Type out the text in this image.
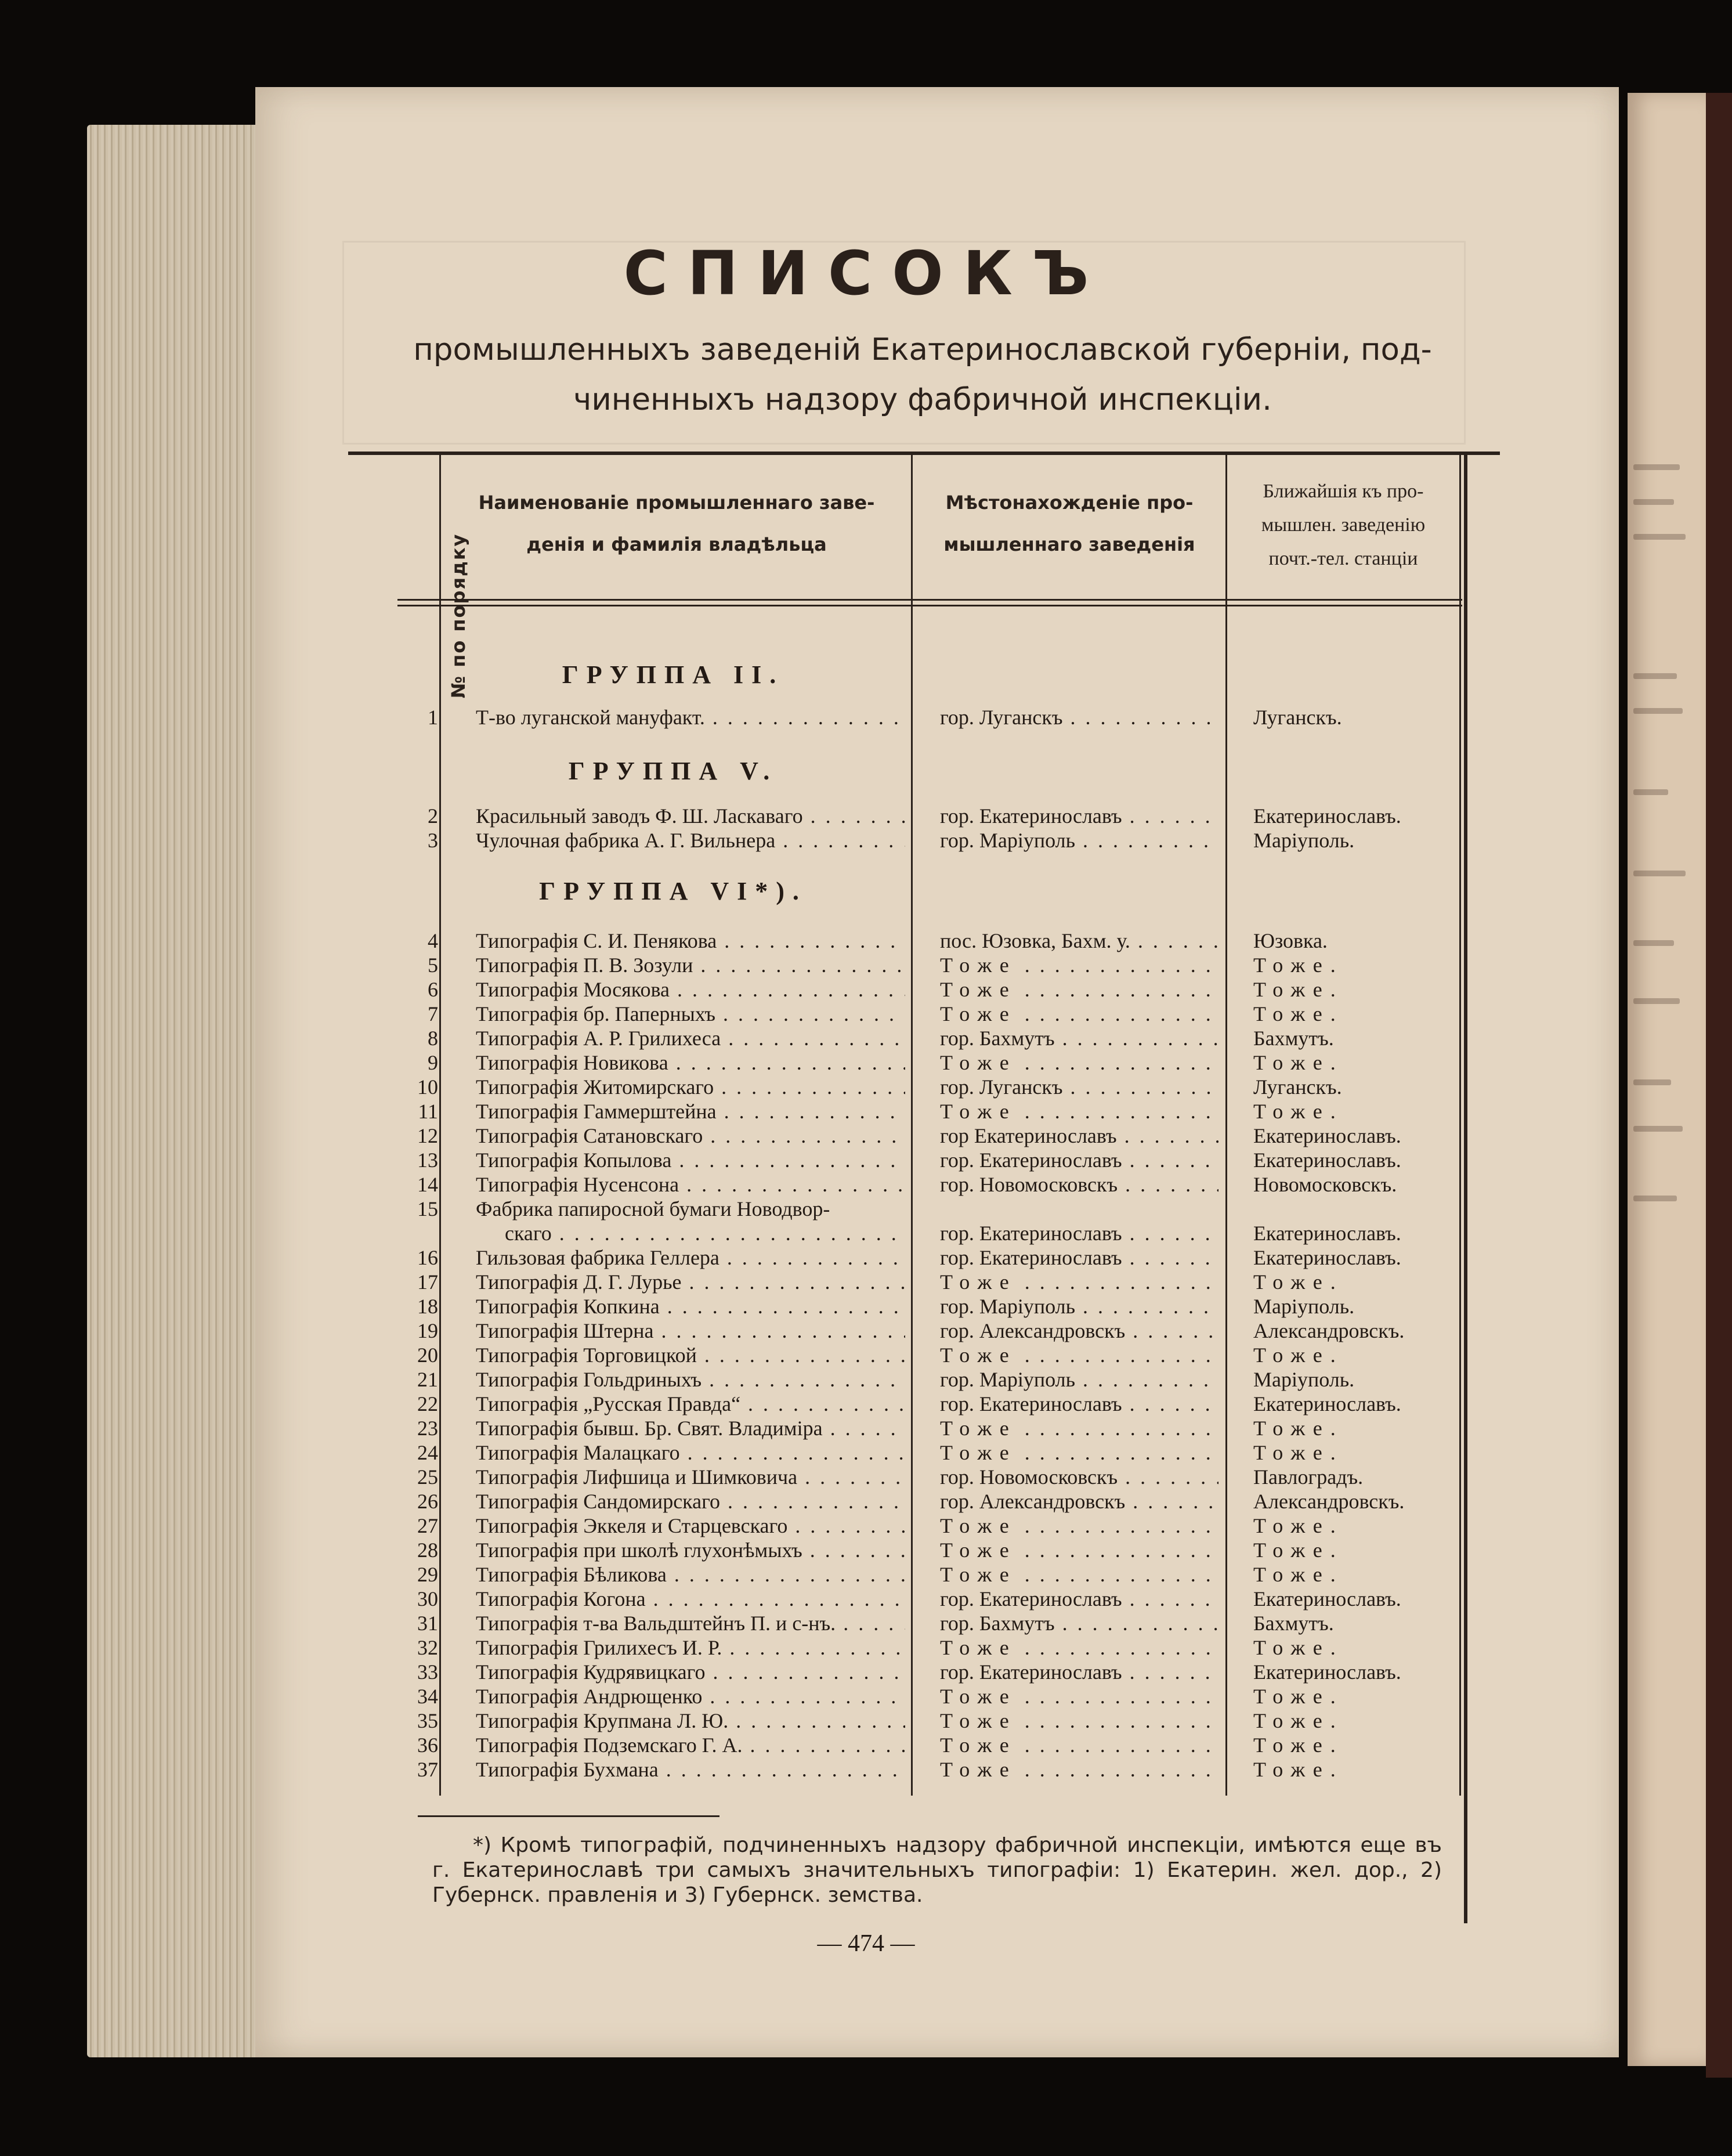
СПИСОКЪ
промышленныхъ заведеній Екатеринославской губерніи, под-
чиненныхъ надзору фабричной инспекціи.
№ по порядку
Наименованіе промышленнаго заве-
денія и фамилія владѣльца
Мѣстонахожденіе про-
мышленнаго заведенія
Ближайшія къ про-
мышлен. заведенію
почт.-тел. станціи
ГРУППА II.
ГРУППА V.
ГРУППА VI*).
1 Т-во луганской мануфакт. . . .	гор. Луганскъ . . .	Луганскъ.
2 Красильный заводъ Ф. Ш. Ласкаваго . . .	гор. Екатеринославъ . . .	Екатеринославъ.
3 Чулочная фабрика А. Г. Вильнера . . .	гор. Маріуполь . . .	Маріуполь.
4 Типографія С. И. Пенякова . . .	пос. Юзовка, Бахм. у. . . .	Юзовка.
5 Типографія П. В. Зозули . . .	Тоже . . .	Тоже.
6 Типографія Мосякова . . .	Тоже . . .	Тоже.
7 Типографія бр. Паперныхъ . . .	Тоже . . .	Тоже.
8 Типографія А. Р. Грилихеса . . .	гор. Бахмутъ . . .	Бахмутъ.
9 Типографія Новикова . . .	Тоже . . .	Тоже.
10 Типографія Житомирскаго . . .	гор. Луганскъ . . .	Луганскъ.
11 Типографія Гаммерштейна . . .	Тоже . . .	Тоже.
12 Типографія Сатановскаго . . .	гор Екатеринославъ . . .	Екатеринославъ.
13 Типографія Копылова . . .	гор. Екатеринославъ . . .	Екатеринославъ.
14 Типографія Нусенсона . . .	гор. Новомосковскъ . . .	Новомосковскъ.
15 Фабрика папиросной бумаги Новодвор-
скаго . . .	гор. Екатеринославъ . . .	Екатеринославъ.
16 Гильзовая фабрика Геллера . . .	гор. Екатеринославъ . . .	Екатеринославъ.
17 Типографія Д. Г. Лурье . . .	Тоже . . .	Тоже.
18 Типографія Копкина . . .	гор. Маріуполь . . .	Маріуполь.
19 Типографія Штерна . . .	гор. Александровскъ . . .	Александровскъ.
20 Типографія Торговицкой . . .	Тоже . . .	Тоже.
21 Типографія Гольдриныхъ . . .	гор. Маріуполь . . .	Маріуполь.
22 Типографія „Русская Правда“ . . .	гор. Екатеринославъ . . .	Екатеринославъ.
23 Типографія бывш. Бр. Свят. Владиміра . . .	Тоже . . .	Тоже.
24 Типографія Малацкаго . . .	Тоже . . .	Тоже.
25 Типографія Лифшица и Шимковича . . .	гор. Новомосковскъ . . .	Павлоградъ.
26 Типографія Сандомирскаго . . .	гор. Александровскъ . . .	Александровскъ.
27 Типографія Эккеля и Старцевскаго . . .	Тоже . . .	Тоже.
28 Типографія при школѣ глухонѣмыхъ . . .	Тоже . . .	Тоже.
29 Типографія Бѣликова . . .	Тоже . . .	Тоже.
30 Типографія Когона . . .	гор. Екатеринославъ . . .	Екатеринославъ.
31 Типографія т-ва Вальдштейнъ П. и с-нъ. . . .	гор. Бахмутъ . . .	Бахмутъ.
32 Типографія Грилихесъ И. Р. . . .	Тоже . . .	Тоже.
33 Типографія Кудрявицкаго . . .	гор. Екатеринославъ . . .	Екатеринославъ.
34 Типографія Андрющенко . . .	Тоже . . .	Тоже.
35 Типографія Крупмана Л. Ю. . . .	Тоже . . .	Тоже.
36 Типографія Подземскаго Г. А. . . .	Тоже . . .	Тоже.
37 Типографія Бухмана . . .	Тоже . . .	Тоже.
*) Кромѣ типографій, подчиненныхъ надзору фабричной инспекціи, имѣются еще въ г. Екатеринославѣ три самыхъ значительныхъ типографіи: 1) Екатерин. жел. дор., 2) Губернск. правленія и 3) Губернск. земства.
— 474 —
